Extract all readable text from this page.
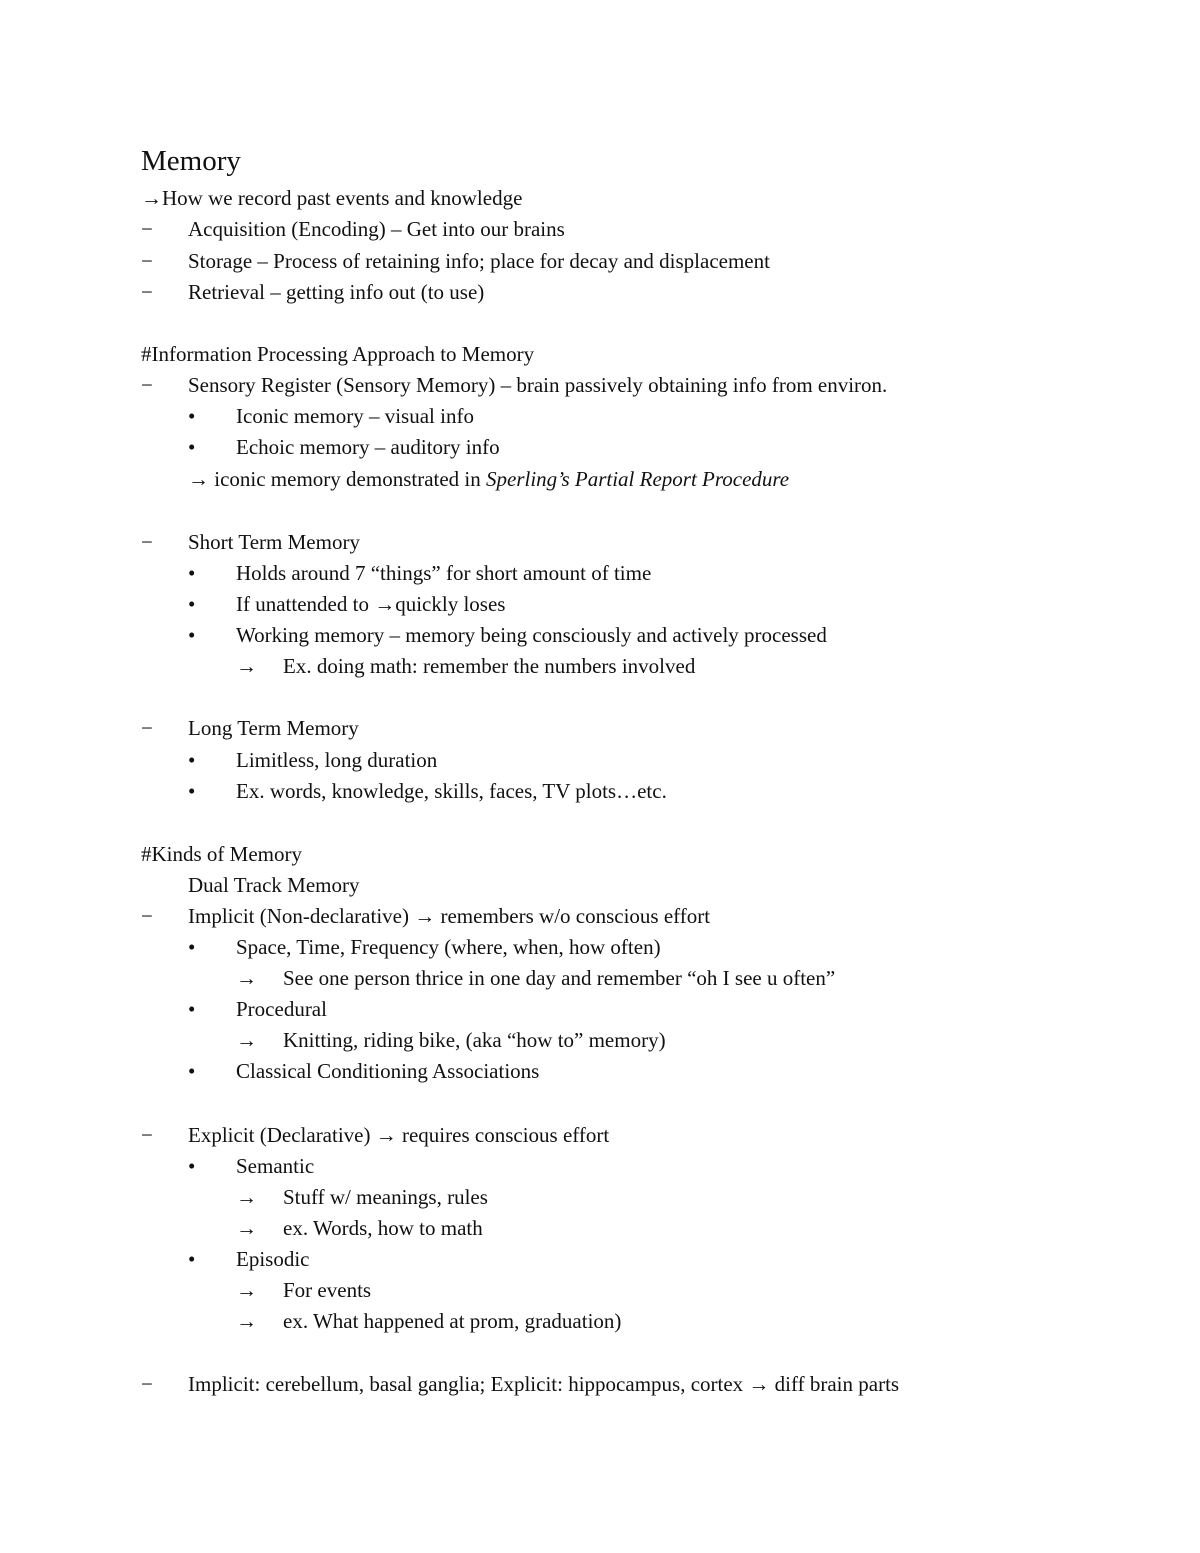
Memory
→How we record past events and knowledge
− Acquisition (Encoding) – Get into our brains
− Storage – Process of retaining info; place for decay and displacement
− Retrieval – getting info out (to use)
#Information Processing Approach to Memory
− Sensory Register (Sensory Memory) – brain passively obtaining info from environ.
• Iconic memory – visual info
• Echoic memory – auditory info
→ iconic memory demonstrated in Sperling’s Partial Report Procedure
− Short Term Memory
• Holds around 7 “things” for short amount of time
• If unattended to →quickly loses
• Working memory – memory being consciously and actively processed
→ Ex. doing math: remember the numbers involved
− Long Term Memory
• Limitless, long duration
• Ex. words, knowledge, skills, faces, TV plots…etc.
#Kinds of Memory
Dual Track Memory
− Implicit (Non-declarative) → remembers w/o conscious effort
• Space, Time, Frequency (where, when, how often)
→ See one person thrice in one day and remember “oh I see u often”
• Procedural
→ Knitting, riding bike, (aka “how to” memory)
• Classical Conditioning Associations
− Explicit (Declarative) → requires conscious effort
• Semantic
→ Stuff w/ meanings, rules
→ ex. Words, how to math
• Episodic
→ For events
→ ex. What happened at prom, graduation)
− Implicit: cerebellum, basal ganglia; Explicit: hippocampus, cortex → diff brain parts
